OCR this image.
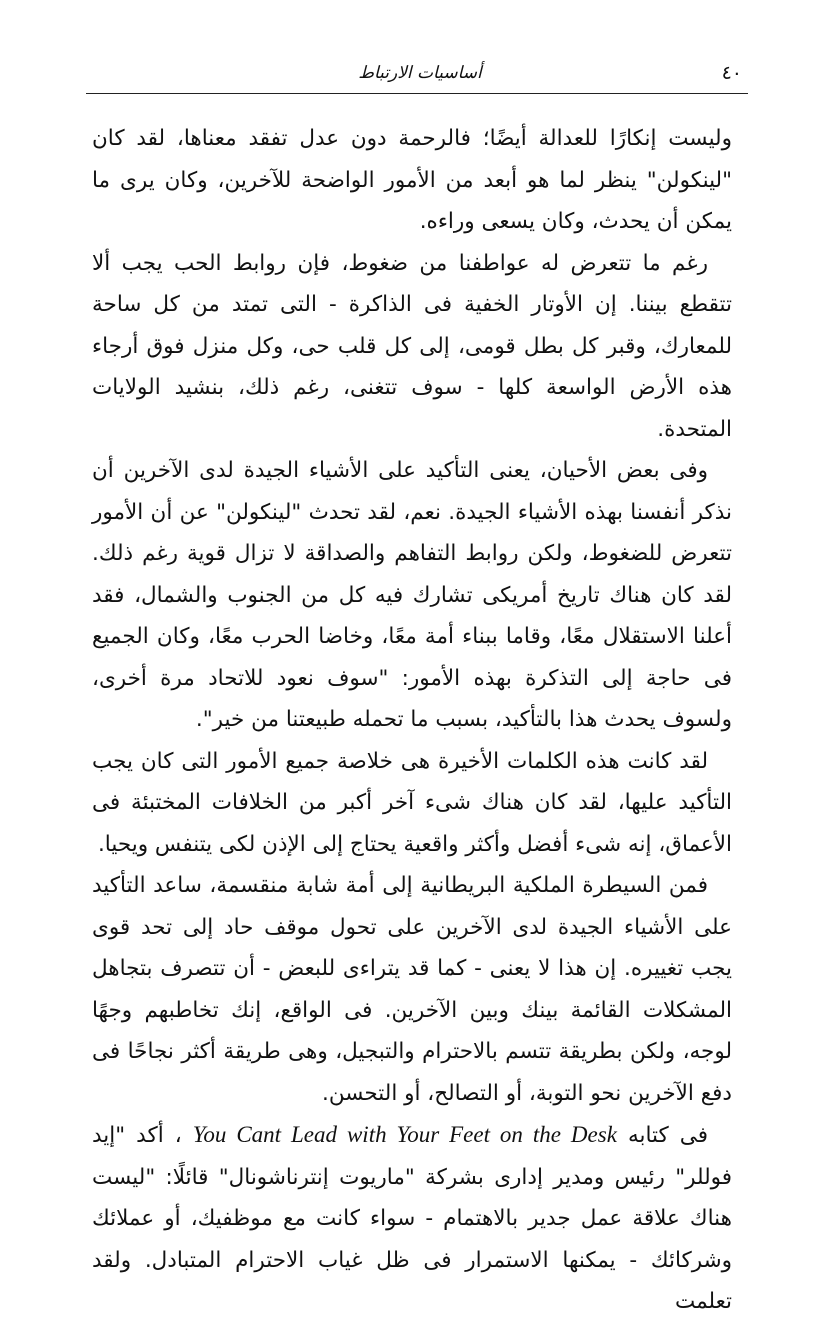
أساسيات الارتباط	٤٠

وليست إنكارًا للعدالة أيضًا؛ فالرحمة دون عدل تفقد معناها، لقد كان "لينكولن" ينظر لما هو أبعد من الأمور الواضحة للآخرين، وكان يرى ما يمكن أن يحدث، وكان يسعى وراءه.

رغم ما تتعرض له عواطفنا من ضغوط، فإن روابط الحب يجب ألا تتقطع بيننا. إن الأوتار الخفية فى الذاكرة - التى تمتد من كل ساحة للمعارك، وقبر كل بطل قومى، إلى كل قلب حى، وكل منزل فوق أرجاء هذه الأرض الواسعة كلها - سوف تتغنى، رغم ذلك، بنشيد الولايات المتحدة.

وفى بعض الأحيان، يعنى التأكيد على الأشياء الجيدة لدى الآخرين أن نذكر أنفسنا بهذه الأشياء الجيدة. نعم، لقد تحدث "لينكولن" عن أن الأمور تتعرض للضغوط، ولكن روابط التفاهم والصداقة لا تزال قوية رغم ذلك. لقد كان هناك تاريخ أمريكى تشارك فيه كل من الجنوب والشمال، فقد أعلنا الاستقلال معًا، وقاما ببناء أمة معًا، وخاضا الحرب معًا، وكان الجميع فى حاجة إلى التذكرة بهذه الأمور: "سوف نعود للاتحاد مرة أخرى، ولسوف يحدث هذا بالتأكيد، بسبب ما تحمله طبيعتنا من خير".

لقد كانت هذه الكلمات الأخيرة هى خلاصة جميع الأمور التى كان يجب التأكيد عليها، لقد كان هناك شىء آخر أكبر من الخلافات المختبئة فى الأعماق، إنه شىء أفضل وأكثر واقعية يحتاج إلى الإذن لكى يتنفس ويحيا.

فمن السيطرة الملكية البريطانية إلى أمة شابة منقسمة، ساعد التأكيد على الأشياء الجيدة لدى الآخرين على تحول موقف حاد إلى تحد قوى يجب تغييره. إن هذا لا يعنى - كما قد يتراءى للبعض - أن تتصرف بتجاهل المشكلات القائمة بينك وبين الآخرين. فى الواقع، إنك تخاطبهم وجهًا لوجه، ولكن بطريقة تتسم بالاحترام والتبجيل، وهى طريقة أكثر نجاحًا فى دفع الآخرين نحو التوبة، أو التصالح، أو التحسن.

فى كتابه You Cant Lead with Your Feet on the Desk ، أكد "إيد فوللر" رئيس ومدير إدارى بشركة "ماريوت إنترناشونال" قائلًا: "ليست هناك علاقة عمل جدير بالاهتمام - سواء كانت مع موظفيك، أو عملائك وشركائك - يمكنها الاستمرار فى ظل غياب الاحترام المتبادل. ولقد تعلمت
